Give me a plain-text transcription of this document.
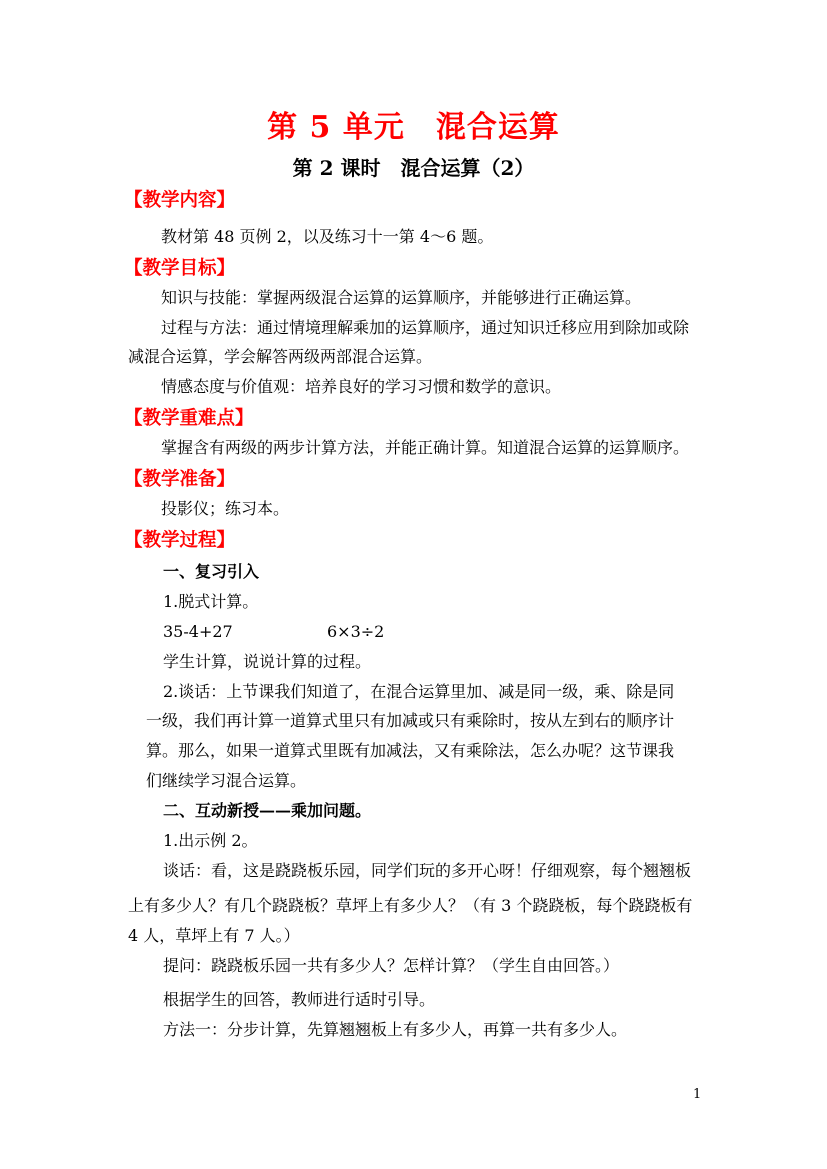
第 5 单元　混合运算
第 2 课时　混合运算（2）
【教学内容】
教材第 48 页例 2，以及练习十一第 4～6 题。
【教学目标】
知识与技能：掌握两级混合运算的运算顺序，并能够进行正确运算。
过程与方法：通过情境理解乘加的运算顺序，通过知识迁移应用到除加或除
减混合运算，学会解答两级两部混合运算。
情感态度与价值观：培养良好的学习习惯和数学的意识。
【教学重难点】
掌握含有两级的两步计算方法，并能正确计算。知道混合运算的运算顺序。
【教学准备】
投影仪；练习本。
【教学过程】
一、复习引入
1.脱式计算。
35-4+27	6×3÷2
学生计算，说说计算的过程。
2.谈话：上节课我们知道了，在混合运算里加、减是同一级，乘、除是同
一级，我们再计算一道算式里只有加减或只有乘除时，按从左到右的顺序计
算。那么，如果一道算式里既有加减法，又有乘除法，怎么办呢？这节课我
们继续学习混合运算。
二、互动新授——乘加问题。
1.出示例 2。
谈话：看，这是跷跷板乐园，同学们玩的多开心呀！仔细观察，每个翘翘板
上有多少人？有几个跷跷板？草坪上有多少人？（有 3 个跷跷板，每个跷跷板有
4 人，草坪上有 7 人。）
提问：跷跷板乐园一共有多少人？怎样计算？（学生自由回答。）
根据学生的回答，教师进行适时引导。
方法一：分步计算，先算翘翘板上有多少人，再算一共有多少人。
1
